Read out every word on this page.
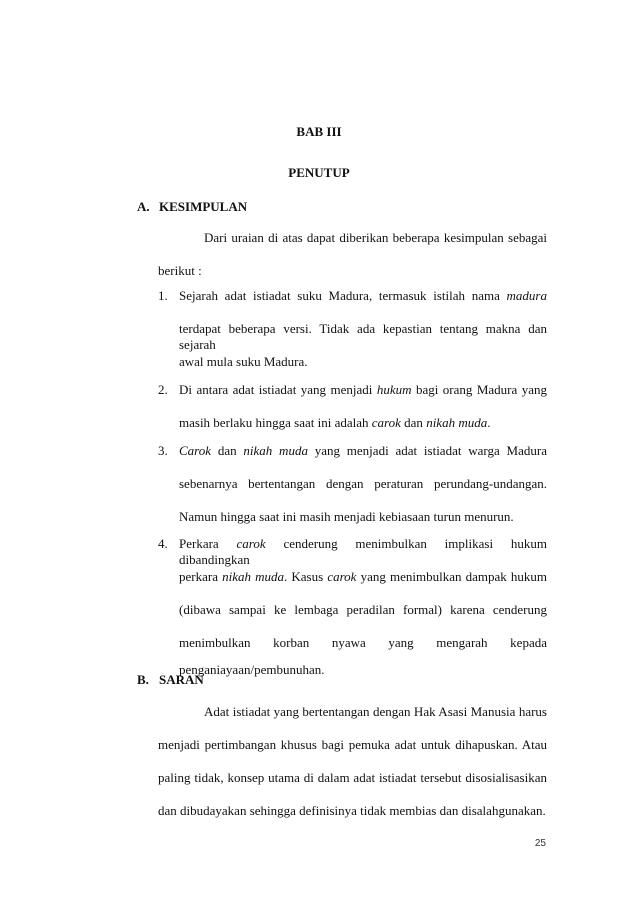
BAB III
PENUTUP
A. KESIMPULAN
Dari uraian di atas dapat diberikan beberapa kesimpulan sebagai
berikut :
1. Sejarah adat istiadat suku Madura, termasuk istilah nama madura
terdapat beberapa versi. Tidak ada kepastian tentang makna dan sejarah
awal mula suku Madura.
2. Di antara adat istiadat yang menjadi hukum bagi orang Madura yang
masih berlaku hingga saat ini adalah carok dan nikah muda.
3. Carok dan nikah muda yang menjadi adat istiadat warga Madura
sebenarnya bertentangan dengan peraturan perundang-undangan.
Namun hingga saat ini masih menjadi kebiasaan turun menurun.
4. Perkara carok cenderung menimbulkan implikasi hukum dibandingkan
perkara nikah muda. Kasus carok yang menimbulkan dampak hukum
(dibawa sampai ke lembaga peradilan formal) karena cenderung
menimbulkan korban nyawa yang mengarah kepada
penganiayaan/pembunuhan.
B. SARAN
Adat istiadat yang bertentangan dengan Hak Asasi Manusia harus
menjadi pertimbangan khusus bagi pemuka adat untuk dihapuskan. Atau
paling tidak, konsep utama di dalam adat istiadat tersebut disosialisasikan
dan dibudayakan sehingga definisinya tidak membias dan disalahgunakan.
25
